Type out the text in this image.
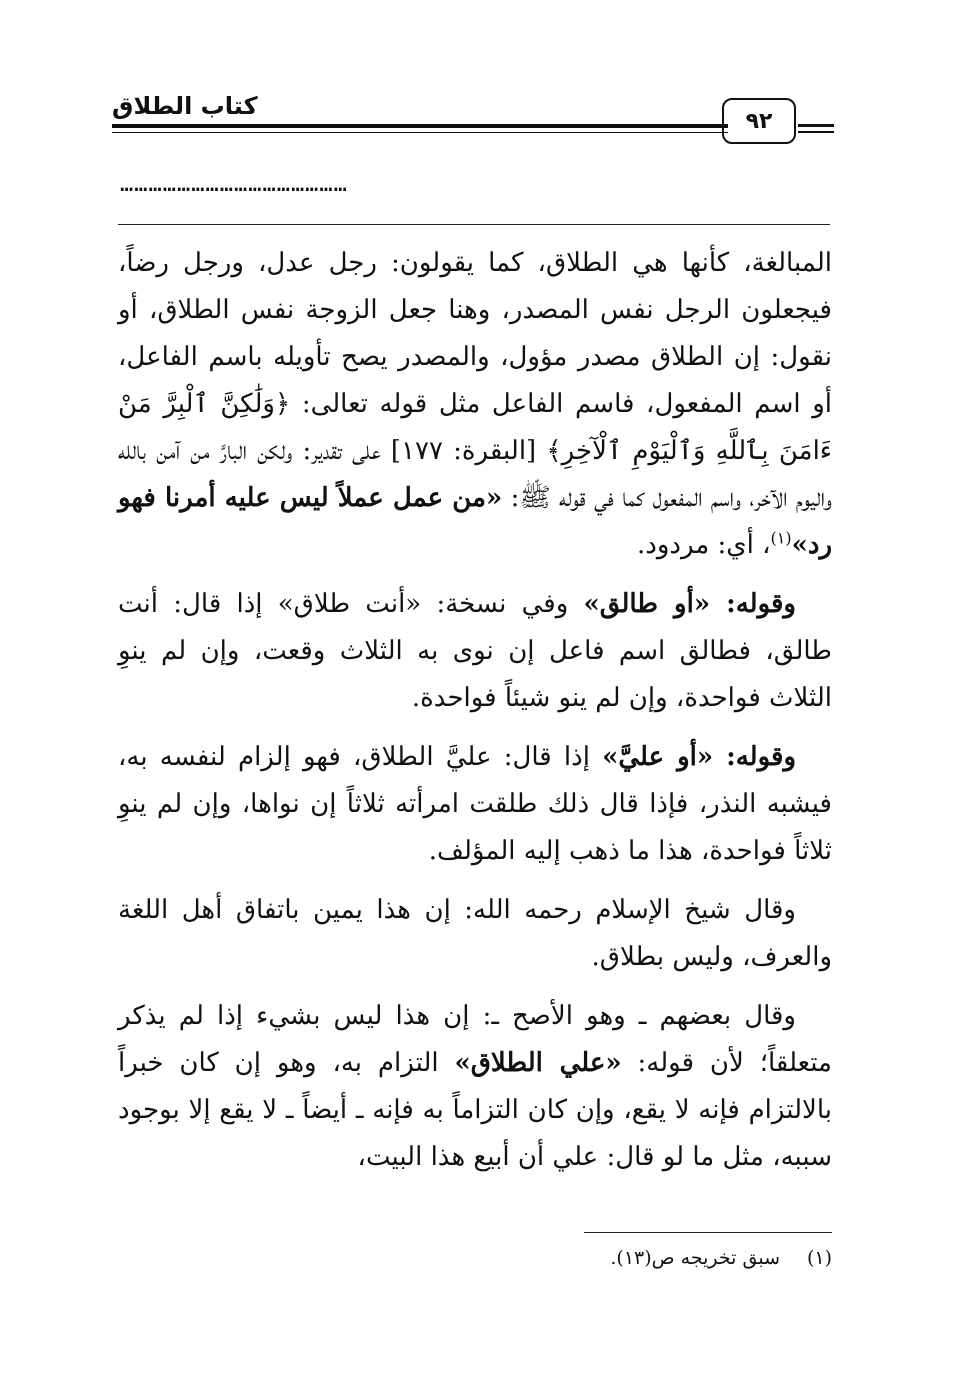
كتاب الطلاق
٩٢
…………………………………………

المبالغة، كأنها هي الطلاق، كما يقولون: رجل عدل، ورجل رضاً، فيجعلون الرجل نفس المصدر، وهنا جعل الزوجة نفس الطلاق، أو نقول: إن الطلاق مصدر مؤول، والمصدر يصح تأويله باسم الفاعل، أو اسم المفعول، فاسم الفاعل مثل قوله تعالى: ﴿وَلَٰكِنَّ ٱلْبِرَّ مَنْ ءَامَنَ بِٱللَّهِ وَٱلْيَوْمِ ٱلْآخِرِ﴾ [البقرة: ١٧٧] على تقدير: ولكن البارَّ من آمن بالله واليوم الآخر، واسم المفعول كما في قوله ﷺ: «من عمل عملاً ليس عليه أمرنا فهو رد»$^{(١)}$، أي: مردود.

وقوله: «أو طالق» وفي نسخة: «أنت طلاق» إذا قال: أنت طالق، فطالق اسم فاعل إن نوى به الثلاث وقعت، وإن لم ينوِ الثلاث فواحدة، وإن لم ينو شيئاً فواحدة.

وقوله: «أو عليَّ» إذا قال: عليَّ الطلاق، فهو إلزام لنفسه به، فيشبه النذر، فإذا قال ذلك طلقت امرأته ثلاثاً إن نواها، وإن لم ينوِ ثلاثاً فواحدة، هذا ما ذهب إليه المؤلف.

وقال شيخ الإسلام رحمه الله: إن هذا يمين باتفاق أهل اللغة والعرف، وليس بطلاق.

وقال بعضهم ـ وهو الأصح ـ: إن هذا ليس بشيء إذا لم يذكر متعلقاً؛ لأن قوله: «علي الطلاق» التزام به، وهو إن كان خبراً بالالتزام فإنه لا يقع، وإن كان التزاماً به فإنه ـ أيضاً ـ لا يقع إلا بوجود سببه، مثل ما لو قال: علي أن أبيع هذا البيت،

(١)سبق تخريجه ص(١٣).
